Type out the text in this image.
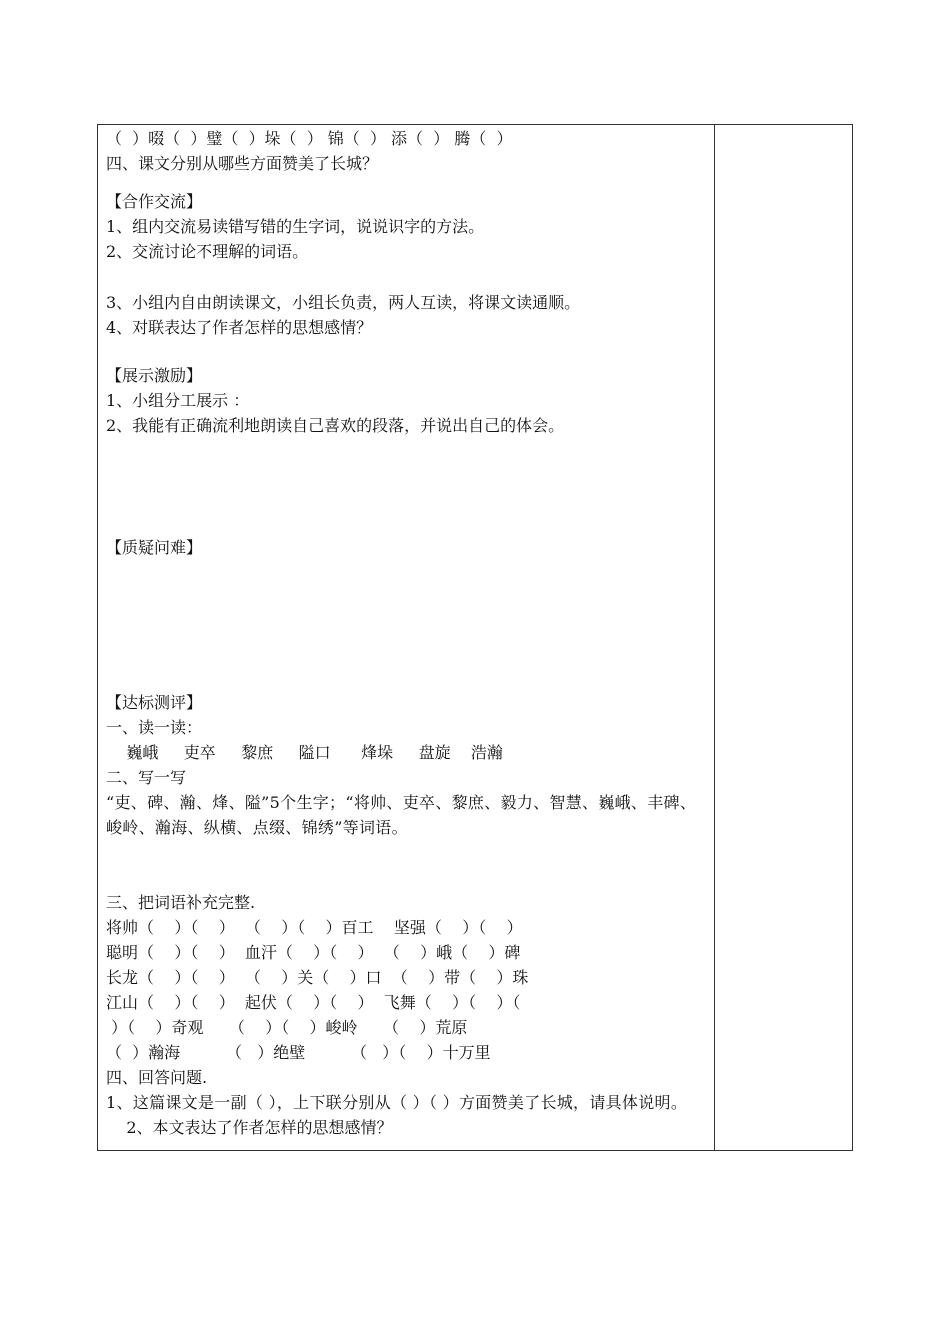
（  ）啜（  ）璧（  ）垛（  ） 锦（  ） 添（  ） 腾（  ）
四、课文分别从哪些方面赞美了长城？
【合作交流】
1、组内交流易读错写错的生字词，说说识字的方法。
2、交流讨论不理解的词语。
3、小组内自由朗读课文，小组长负责，两人互读，将课文读通顺。
4、对联表达了作者怎样的思想感情？
【展示激励】
1、小组分工展示 ：
2、我能有正确流利地朗读自己喜欢的段落，并说出自己的体会。
【质疑问难】
【达标测评】
一、读一读：
巍峨     吏卒     黎庶     隘口      烽垛     盘旋    浩瀚
二、写一写
“吏、碑、瀚、烽、隘”5个生字；“将帅、吏卒、黎庶、毅力、智慧、巍峨、丰碑、峻岭、瀚海、纵横、点缀、锦绣”等词语。
三、把词语补充完整.
将帅（    ）（    ）  （    ）（    ）百工    坚强（    ）（    ）
聪明（    ）（    ）  血汗（    ）（    ）  （    ）峨（    ）碑
长龙（    ）（    ）  （    ）关（    ）口  （    ）带（    ）珠
江山（    ）（    ）  起伏（    ）（    ）  飞舞（    ）（    ）（
）（    ）奇观     （    ）（    ）峻岭     （    ）荒原
（  ）瀚海         （   ）绝壁         （   ）（    ）十万里
四、回答问题.
1、这篇课文是一副（ ），上下联分别从（ ）（ ）方面赞美了长城，请具体说明。
2、本文表达了作者怎样的思想感情？
